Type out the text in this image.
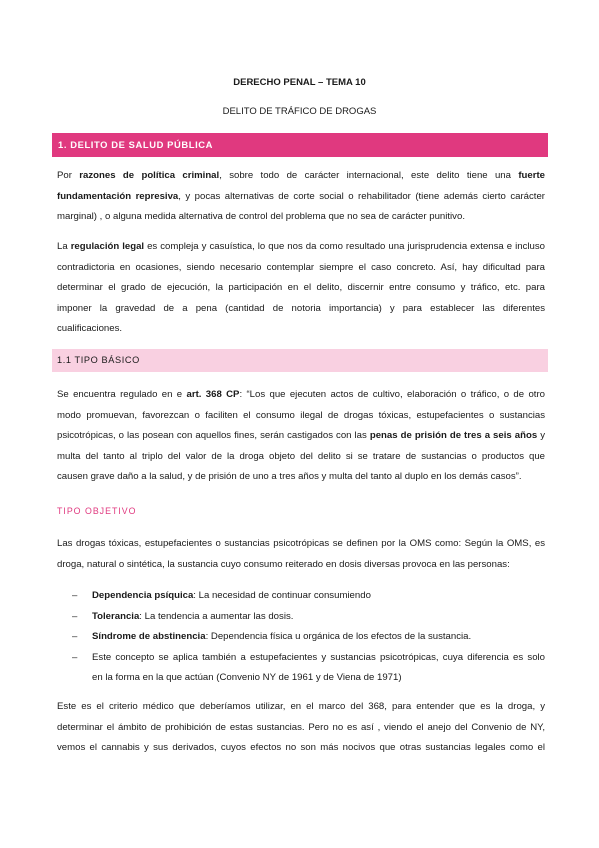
DERECHO PENAL – TEMA 10
DELITO DE TRÁFICO DE DROGAS
1. DELITO DE SALUD PÚBLICA
Por razones de política criminal, sobre todo de carácter internacional, este delito tiene una fuerte
fundamentación represiva, y pocas alternativas de corte social o rehabilitador (tiene además cierto carácter
marginal) , o alguna medida alternativa de control del problema que no sea de carácter punitivo.
La regulación legal es compleja y casuística, lo que nos da como resultado una jurisprudencia extensa e incluso
contradictoria en ocasiones, siendo necesario contemplar siempre el caso concreto. Así, hay dificultad para
determinar el grado de ejecución, la participación en el delito, discernir entre consumo y tráfico, etc. para
imponer la gravedad de a pena (cantidad de notoria importancia) y para establecer las diferentes
cualificaciones.
1.1 TIPO BÁSICO
Se encuentra regulado en e art. 368 CP: “Los que ejecuten actos de cultivo, elaboración o tráfico, o de otro
modo promuevan, favorezcan o faciliten el consumo ilegal de drogas tóxicas, estupefacientes o sustancias
psicotrópicas, o las posean con aquellos fines, serán castigados con las penas de prisión de tres a seis años y
multa del tanto al triplo del valor de la droga objeto del delito si se tratare de sustancias o productos que
causen grave daño a la salud, y de prisión de uno a tres años y multa del tanto al duplo en los demás casos”.
TIPO OBJETIVO
Las drogas tóxicas, estupefacientes o sustancias psicotrópicas se definen por la OMS como: Según la OMS, es
droga, natural o sintética, la sustancia cuyo consumo reiterado en dosis diversas provoca en las personas:
– Dependencia psíquica: La necesidad de continuar consumiendo
– Tolerancia: La tendencia a aumentar las dosis.
– Síndrome de abstinencia: Dependencia física u orgánica de los efectos de la sustancia.
– Este concepto se aplica también a estupefacientes y sustancias psicotrópicas, cuya diferencia es solo
en la forma en la que actúan (Convenio NY de 1961 y de Viena de 1971)
Este es el criterio médico que deberíamos utilizar, en el marco del 368, para entender que es la droga, y
determinar el ámbito de prohibición de estas sustancias. Pero no es así , viendo el anejo del Convenio de NY,
vemos el cannabis y sus derivados, cuyos efectos no son más nocivos que otras sustancias legales como el
